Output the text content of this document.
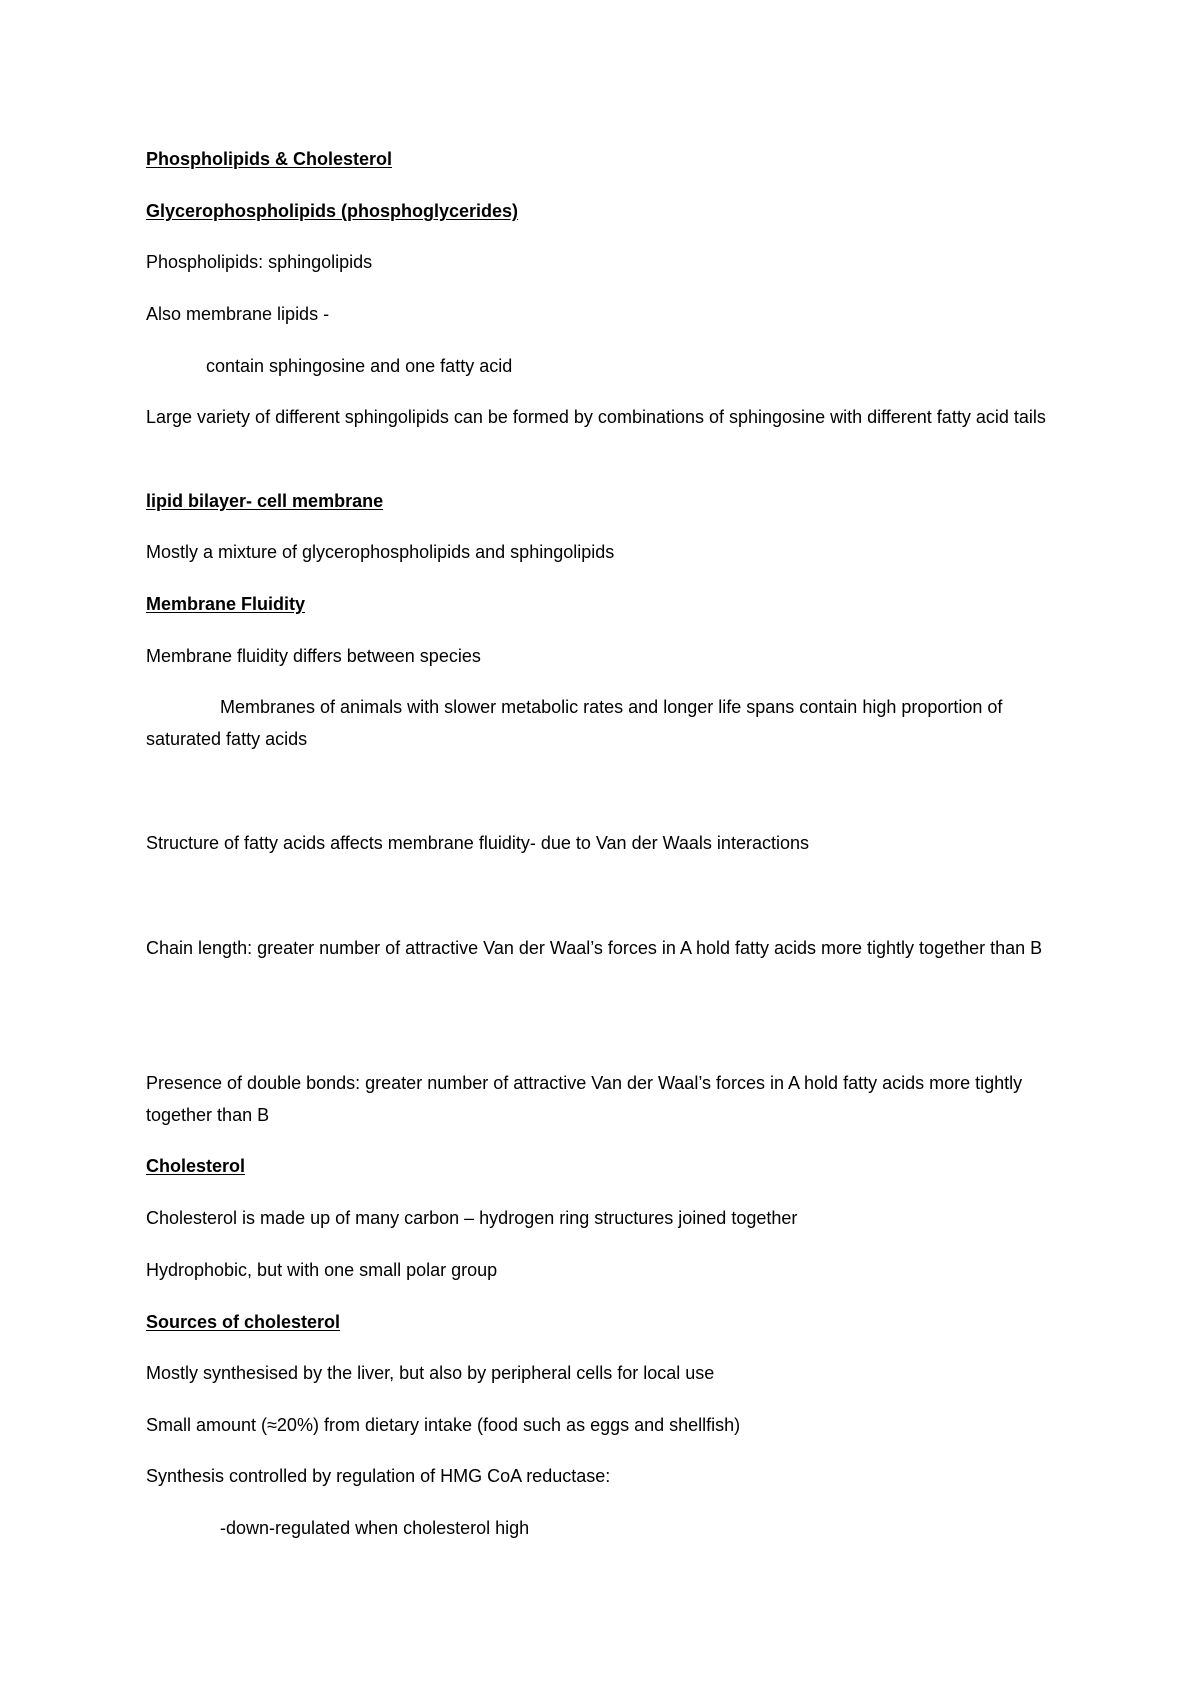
Phospholipids & Cholesterol
Glycerophospholipids (phosphoglycerides)
Phospholipids: sphingolipids
Also membrane lipids -
contain sphingosine and one fatty acid
Large variety of different sphingolipids can be formed by combinations of sphingosine with different fatty acid tails
lipid bilayer- cell membrane
Mostly a mixture of glycerophospholipids and sphingolipids
Membrane Fluidity
Membrane fluidity differs between species
Membranes of animals with slower metabolic rates and longer life spans contain high proportion of saturated fatty acids
Structure of fatty acids affects membrane fluidity- due to Van der Waals interactions
Chain length: greater number of attractive Van der Waal’s forces in A hold fatty acids more tightly together than B
Presence of double bonds: greater number of attractive Van der Waal’s forces in A hold fatty acids more tightly together than B
Cholesterol
Cholesterol is made up of many carbon – hydrogen ring structures joined together
Hydrophobic, but with one small polar group
Sources of cholesterol
Mostly synthesised by the liver, but also by peripheral cells for local use
Small amount (≈20%) from dietary intake (food such as eggs and shellfish)
Synthesis controlled by regulation of HMG CoA reductase:
-down-regulated when cholesterol high
